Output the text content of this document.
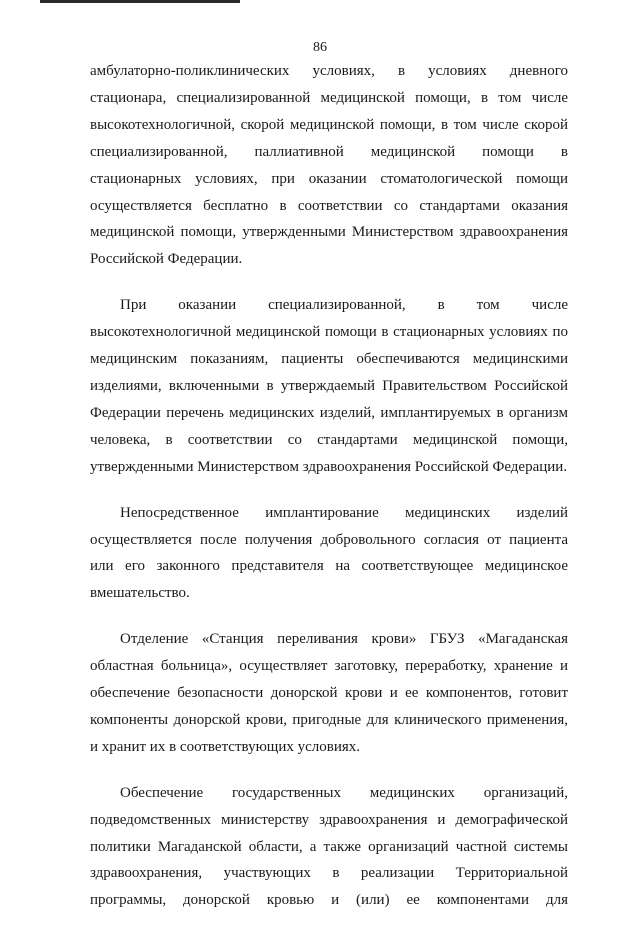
86

амбулаторно-поликлинических условиях, в условиях дневного стационара, специализированной медицинской помощи, в том числе высокотехнологичной, скорой медицинской помощи, в том числе скорой специализированной, паллиативной медицинской помощи в стационарных условиях, при оказании стоматологической помощи осуществляется бесплатно в соответствии со стандартами оказания медицинской помощи, утвержденными Министерством здравоохранения Российской Федерации.

При оказании специализированной, в том числе высокотехнологичной медицинской помощи в стационарных условиях по медицинским показаниям, пациенты обеспечиваются медицинскими изделиями, включенными в утверждаемый Правительством Российской Федерации перечень медицинских изделий, имплантируемых в организм человека, в соответствии со стандартами медицинской помощи, утвержденными Министерством здравоохранения Российской Федерации.

Непосредственное имплантирование медицинских изделий осуществляется после получения добровольного согласия от пациента или его законного представителя на соответствующее медицинское вмешательство.

Отделение «Станция переливания крови» ГБУЗ «Магаданская областная больница», осуществляет заготовку, переработку, хранение и обеспечение безопасности донорской крови и ее компонентов, готовит компоненты донорской крови, пригодные для клинического применения, и хранит их в соответствующих условиях.

Обеспечение государственных медицинских организаций, подведомственных министерству здравоохранения и демографической политики Магаданской области, а также организаций частной системы здравоохранения, участвующих в реализации Территориальной программы, донорской кровью и (или) ее компонентами для
